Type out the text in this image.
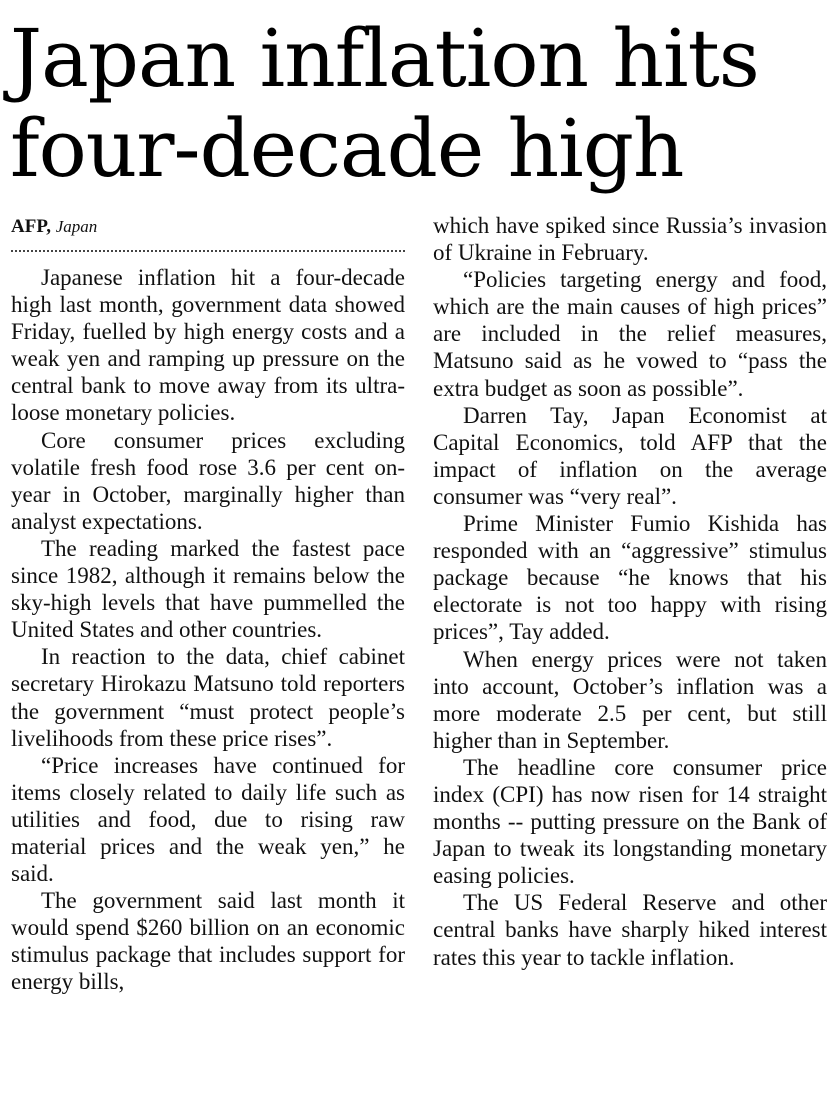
Japan inflation hits four-decade high
AFP, Japan

Japanese inflation hit a four-decade high last month, government data showed Friday, fuelled by high energy costs and a weak yen and ramping up pressure on the central bank to move away from its ultra-loose monetary policies.

Core consumer prices excluding volatile fresh food rose 3.6 per cent on-year in October, marginally higher than analyst expectations.

The reading marked the fastest pace since 1982, although it remains below the sky-high levels that have pummelled the United States and other countries.

In reaction to the data, chief cabinet secretary Hirokazu Matsuno told reporters the government “must protect people’s livelihoods from these price rises”.

“Price increases have continued for items closely related to daily life such as utilities and food, due to rising raw material prices and the weak yen,” he said.

The government said last month it would spend $260 billion on an economic stimulus package that includes support for energy bills,

which have spiked since Russia’s invasion of Ukraine in February.

“Policies targeting energy and food, which are the main causes of high prices” are included in the relief measures, Matsuno said as he vowed to “pass the extra budget as soon as possible”.

Darren Tay, Japan Economist at Capital Economics, told AFP that the impact of inflation on the average consumer was “very real”.

Prime Minister Fumio Kishida has responded with an “aggressive” stimulus package because “he knows that his electorate is not too happy with rising prices”, Tay added.

When energy prices were not taken into account, October’s inflation was a more moderate 2.5 per cent, but still higher than in September.

The headline core consumer price index (CPI) has now risen for 14 straight months -- putting pressure on the Bank of Japan to tweak its longstanding monetary easing policies.

The US Federal Reserve and other central banks have sharply hiked interest rates this year to tackle inflation.
